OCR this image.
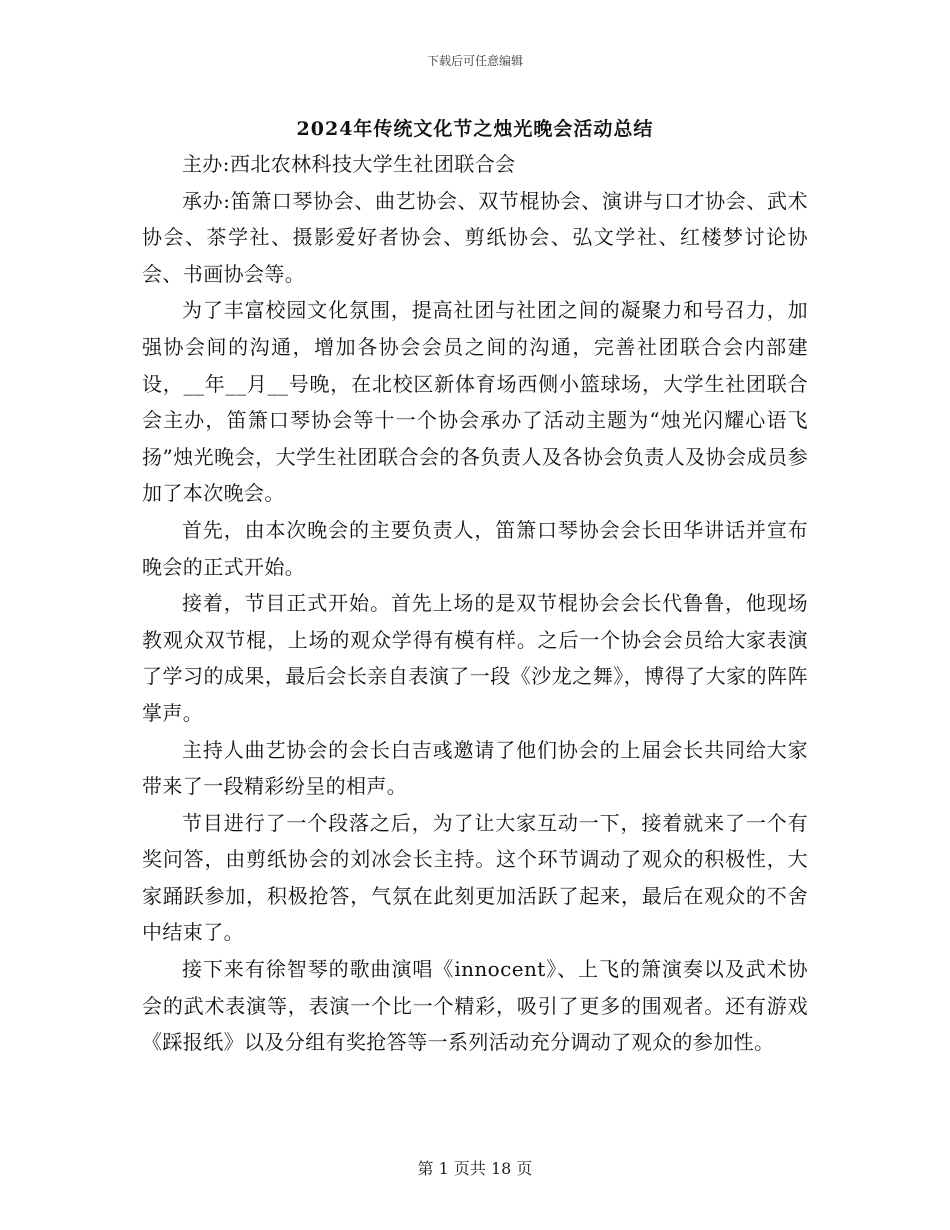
下载后可任意编辑
2024年传统文化节之烛光晚会活动总结

主办:西北农林科技大学生社团联合会

承办:笛箫口琴协会、曲艺协会、双节棍协会、演讲与口才协会、武术协会、茶学社、摄影爱好者协会、剪纸协会、弘文学社、红楼梦讨论协会、书画协会等。

为了丰富校园文化氛围，提高社团与社团之间的凝聚力和号召力，加强协会间的沟通，增加各协会会员之间的沟通，完善社团联合会内部建设，__年__月__号晚，在北校区新体育场西侧小篮球场，大学生社团联合会主办，笛箫口琴协会等十一个协会承办了活动主题为“烛光闪耀心语飞扬”烛光晚会，大学生社团联合会的各负责人及各协会负责人及协会成员参加了本次晚会。

首先，由本次晚会的主要负责人，笛箫口琴协会会长田华讲话并宣布晚会的正式开始。

接着，节目正式开始。首先上场的是双节棍协会会长代鲁鲁，他现场教观众双节棍，上场的观众学得有模有样。之后一个协会会员给大家表演了学习的成果，最后会长亲自表演了一段《沙龙之舞》，博得了大家的阵阵掌声。

主持人曲艺协会的会长白吉彧邀请了他们协会的上届会长共同给大家带来了一段精彩纷呈的相声。

节目进行了一个段落之后，为了让大家互动一下，接着就来了一个有奖问答，由剪纸协会的刘冰会长主持。这个环节调动了观众的积极性，大家踊跃参加，积极抢答，气氛在此刻更加活跃了起来，最后在观众的不舍中结束了。

接下来有徐智琴的歌曲演唱《innocent》、上飞的箫演奏以及武术协会的武术表演等，表演一个比一个精彩，吸引了更多的围观者。还有游戏《踩报纸》以及分组有奖抢答等一系列活动充分调动了观众的参加性。

第 1 页共 18 页
